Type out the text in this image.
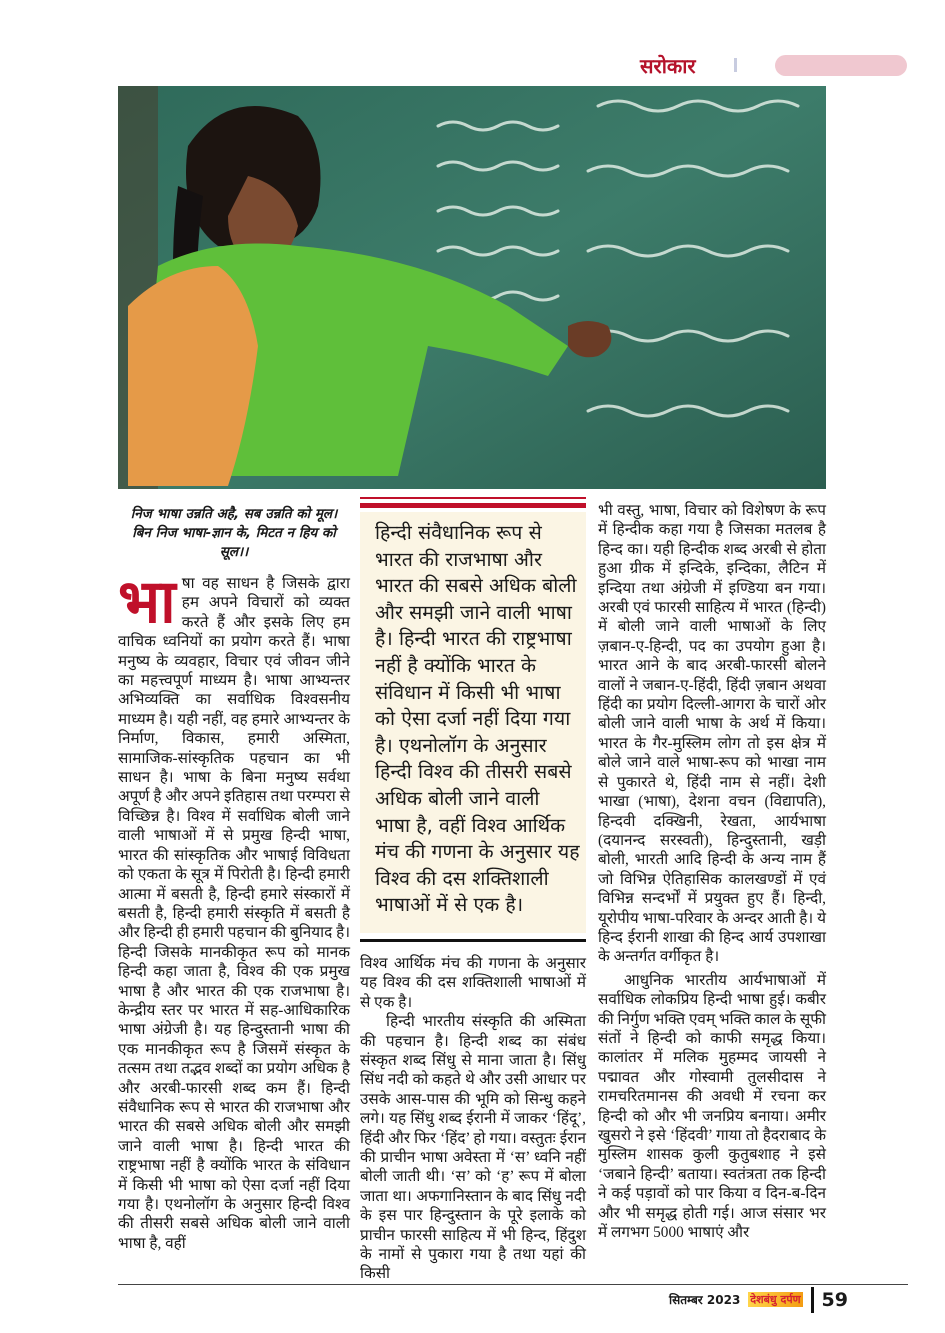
सरोकार
निज भाषा उन्नति अहै, सब उन्नति को मूल।
बिन निज भाषा-ज्ञान के, मिटत न हिय को सूल।।

भाषा वह साधन है जिसके द्वारा हम अपने विचारों को व्यक्त करते हैं और इसके लिए हम वाचिक ध्वनियों का प्रयोग करते हैं। भाषा मनुष्य के व्यवहार, विचार एवं जीवन जीने का महत्त्वपूर्ण माध्यम है। भाषा आभ्यन्तर अभिव्यक्ति का सर्वाधिक विश्वसनीय माध्यम है। यही नहीं, वह हमारे आभ्यन्तर के निर्माण, विकास, हमारी अस्मिता, सामाजिक-सांस्कृतिक पहचान का भी साधन है। भाषा के बिना मनुष्य सर्वथा अपूर्ण है और अपने इतिहास तथा परम्परा से विच्छिन्न है। विश्व में सर्वाधिक बोली जाने वाली भाषाओं में से प्रमुख हिन्दी भाषा, भारत की सांस्कृतिक और भाषाई विविधता को एकता के सूत्र में पिरोती है। हिन्दी हमारी आत्मा में बसती है, हिन्दी हमारे संस्कारों में बसती है, हिन्दी हमारी संस्कृति में बसती है और हिन्दी ही हमारी पहचान की बुनियाद है। हिन्दी जिसके मानकीकृत रूप को मानक हिन्दी कहा जाता है, विश्व की एक प्रमुख भाषा है और भारत की एक राजभाषा है। केन्द्रीय स्तर पर भारत में सह-आधिकारिक भाषा अंग्रेजी है। यह हिन्दुस्तानी भाषा की एक मानकीकृत रूप है जिसमें संस्कृत के तत्सम तथा तद्भव शब्दों का प्रयोग अधिक है और अरबी-फारसी शब्द कम हैं। हिन्दी संवैधानिक रूप से भारत की राजभाषा और भारत की सबसे अधिक बोली और समझी जाने वाली भाषा है। हिन्दी भारत की राष्ट्रभाषा नहीं है क्योंकि भारत के संविधान में किसी भी भाषा को ऐसा दर्जा नहीं दिया गया है। एथनोलॉग के अनुसार हिन्दी विश्व की तीसरी सबसे अधिक बोली जाने वाली भाषा है, वहीं

हिन्दी संवैधानिक रूप से भारत की राजभाषा और भारत की सबसे अधिक बोली और समझी जाने वाली भाषा है। हिन्दी भारत की राष्ट्रभाषा नहीं है क्योंकि भारत के संविधान में किसी भी भाषा को ऐसा दर्जा नहीं दिया गया है। एथनोलॉग के अनुसार हिन्दी विश्व की तीसरी सबसे अधिक बोली जाने वाली भाषा है, वहीं विश्व आर्थिक मंच की गणना के अनुसार यह विश्व की दस शक्तिशाली भाषाओं में से एक है।

विश्व आर्थिक मंच की गणना के अनुसार यह विश्व की दस शक्तिशाली भाषाओं में से एक है।

हिन्दी भारतीय संस्कृति की अस्मिता की पहचान है। हिन्दी शब्द का संबंध संस्कृत शब्द सिंधु से माना जाता है। सिंधु सिंध नदी को कहते थे और उसी आधार पर उसके आस-पास की भूमि को सिन्धु कहने लगे। यह सिंधु शब्द ईरानी में जाकर ‘हिंदू’, हिंदी और फिर ‘हिंद’ हो गया। वस्तुतः ईरान की प्राचीन भाषा अवेस्ता में ‘स’ ध्वनि नहीं बोली जाती थी। ‘स’ को ‘ह’ रूप में बोला जाता था। अफगानिस्तान के बाद सिंधु नदी के इस पार हिन्दुस्तान के पूरे इलाके को प्राचीन फारसी साहित्य में भी हिन्द, हिंदुश के नामों से पुकारा गया है तथा यहां की किसी

भी वस्तु, भाषा, विचार को विशेषण के रूप में हिन्दीक कहा गया है जिसका मतलब है हिन्द का। यही हिन्दीक शब्द अरबी से होता हुआ ग्रीक में इन्दिके, इन्दिका, लैटिन में इन्दिया तथा अंग्रेजी में इण्डिया बन गया। अरबी एवं फारसी साहित्य में भारत (हिन्दी) में बोली जाने वाली भाषाओं के लिए ज़बान-ए-हिन्दी, पद का उपयोग हुआ है। भारत आने के बाद अरबी-फारसी बोलने वालों ने जबान-ए-हिंदी, हिंदी ज़बान अथवा हिंदी का प्रयोग दिल्ली-आगरा के चारों ओर बोली जाने वाली भाषा के अर्थ में किया। भारत के गैर-मुस्लिम लोग तो इस क्षेत्र में बोले जाने वाले भाषा-रूप को भाखा नाम से पुकारते थे, हिंदी नाम से नहीं। देशी भाखा (भाषा), देशना वचन (विद्यापति), हिन्दवी दक्खिनी, रेखता, आर्यभाषा (दयानन्द सरस्वती), हिन्दुस्तानी, खड़ी बोली, भारती आदि हिन्दी के अन्य नाम हैं जो विभिन्न ऐतिहासिक कालखण्डों में एवं विभिन्न सन्दर्भों में प्रयुक्त हुए हैं। हिन्दी, यूरोपीय भाषा-परिवार के अन्दर आती है। ये हिन्द ईरानी शाखा की हिन्द आर्य उपशाखा के अन्तर्गत वर्गीकृत है।

आधुनिक भारतीय आर्यभाषाओं में सर्वाधिक लोकप्रिय हिन्दी भाषा हुई। कबीर की निर्गुण भक्ति एवम् भक्ति काल के सूफी संतों ने हिन्दी को काफी समृद्ध किया। कालांतर में मलिक मुहम्मद जायसी ने पद्मावत और गोस्वामी तुलसीदास ने रामचरितमानस की अवधी में रचना कर हिन्दी को और भी जनप्रिय बनाया। अमीर खुसरो ने इसे ‘हिंदवी’ गाया तो हैदराबाद के मुस्लिम शासक कुली कुतुबशाह ने इसे ‘जबाने हिन्दी’ बताया। स्वतंत्रता तक हिन्दी ने कई पड़ावों को पार किया व दिन-ब-दिन और भी समृद्ध होती गई। आज संसार भर में लगभग 5000 भाषाएं और

सितम्बर 2023 देशबंधु दर्पण 59
